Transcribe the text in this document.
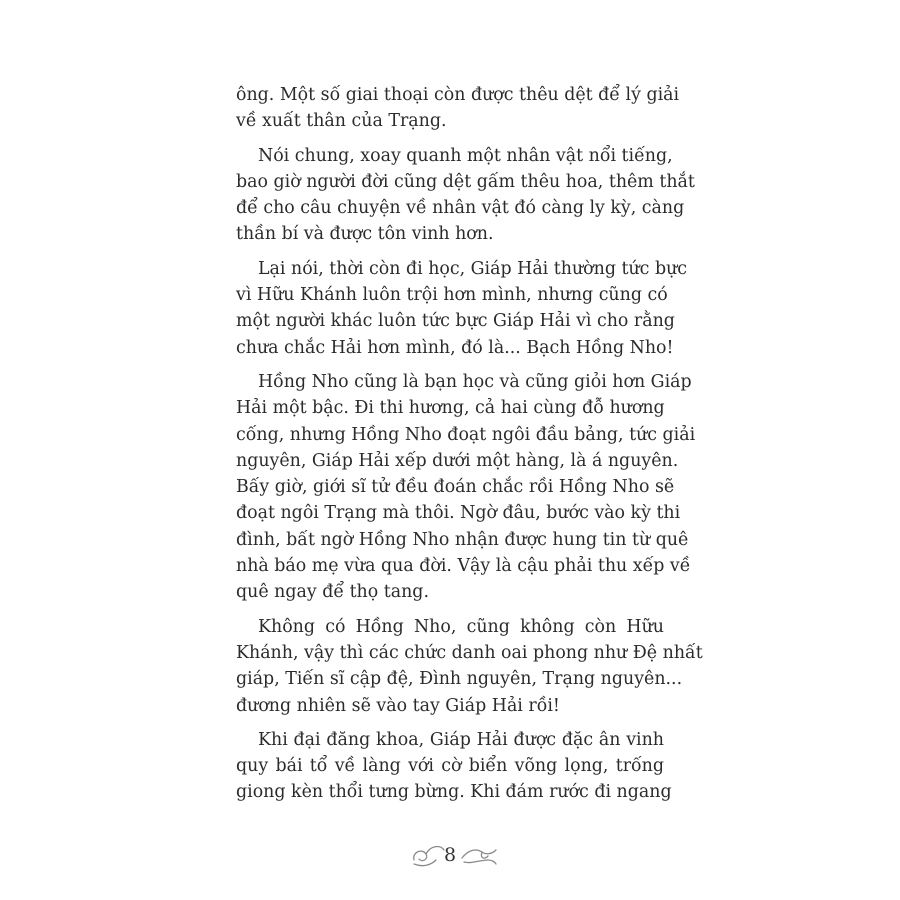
ông. Một số giai thoại còn được thêu dệt để lý giải
về xuất thân của Trạng.
Nói chung, xoay quanh một nhân vật nổi tiếng,
bao giờ người đời cũng dệt gấm thêu hoa, thêm thắt
để cho câu chuyện về nhân vật đó càng ly kỳ, càng
thần bí và được tôn vinh hơn.
Lại nói, thời còn đi học, Giáp Hải thường tức bực
vì Hữu Khánh luôn trội hơn mình, nhưng cũng có
một người khác luôn tức bực Giáp Hải vì cho rằng
chưa chắc Hải hơn mình, đó là... Bạch Hồng Nho!
Hồng Nho cũng là bạn học và cũng giỏi hơn Giáp
Hải một bậc. Đi thi hương, cả hai cùng đỗ hương
cống, nhưng Hồng Nho đoạt ngôi đầu bảng, tức giải
nguyên, Giáp Hải xếp dưới một hàng, là á nguyên.
Bấy giờ, giới sĩ tử đều đoán chắc rồi Hồng Nho sẽ
đoạt ngôi Trạng mà thôi. Ngờ đâu, bước vào kỳ thi
đình, bất ngờ Hồng Nho nhận được hung tin từ quê
nhà báo mẹ vừa qua đời. Vậy là cậu phải thu xếp về
quê ngay để thọ tang.
Không có Hồng Nho, cũng không còn Hữu
Khánh, vậy thì các chức danh oai phong như Đệ nhất
giáp, Tiến sĩ cập đệ, Đình nguyên, Trạng nguyên...
đương nhiên sẽ vào tay Giáp Hải rồi!
Khi đại đăng khoa, Giáp Hải được đặc ân vinh
quy bái tổ về làng với cờ biển võng lọng, trống
giong kèn thổi tưng bừng. Khi đám rước đi ngang
8
